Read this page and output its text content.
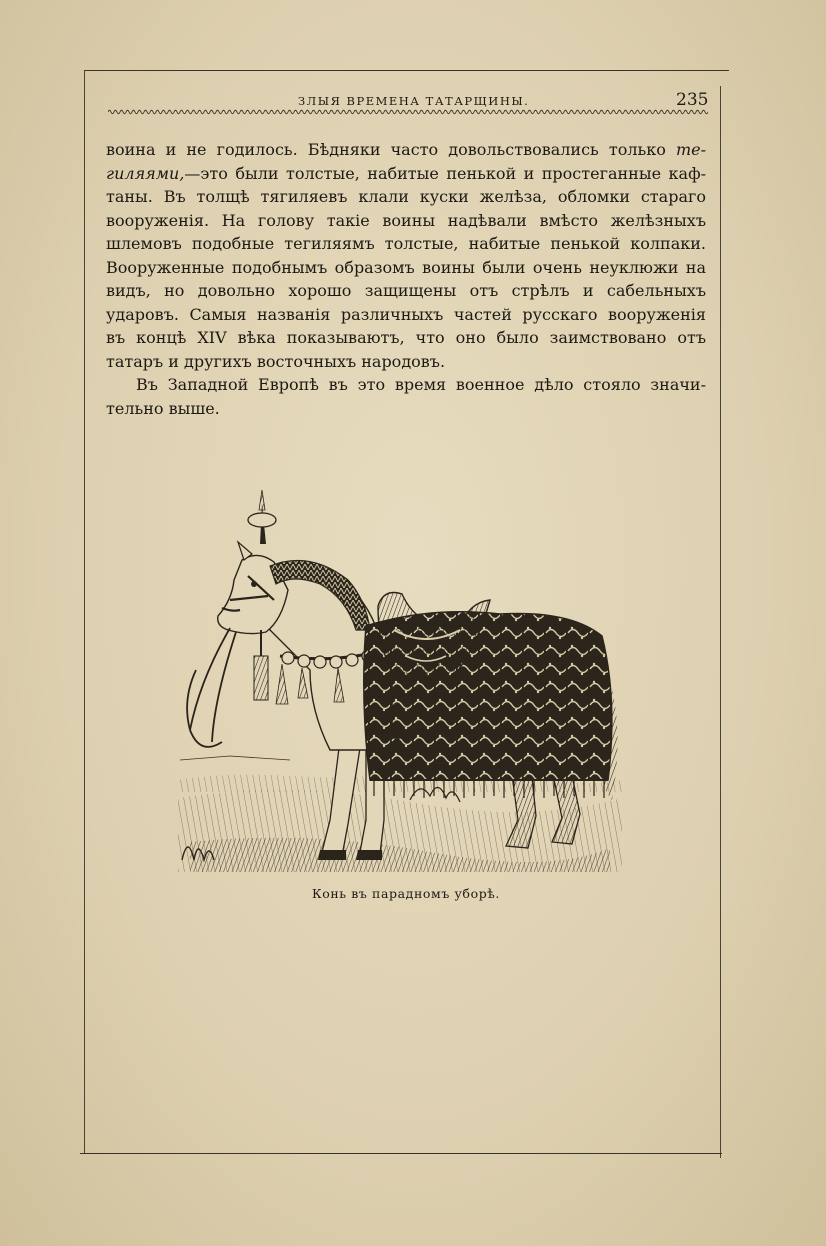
ЗЛЫЯ ВРЕМЕНА ТАТАРЩИНЫ.	235
воина и не годилось. Бѣдняки часто довольствовались только те-
гиляями,—это были толстые, набитые пенькой и простеганные каф-
таны. Въ толщѣ тягиляевъ клали куски желѣза, обломки стараго
вооруженія. На голову такіе воины надѣвали вмѣсто желѣзныхъ
шлемовъ подобные тегиляямъ толстые, набитые пенькой колпаки.
Вооруженные подобнымъ образомъ воины были очень неуклюжи на
видъ, но довольно хорошо защищены отъ стрѣлъ и сабельныхъ
ударовъ. Самыя названія различныхъ частей русскаго вооруженія
въ концѣ XIV вѣка показываютъ, что оно было заимствовано отъ
татаръ и другихъ восточныхъ народовъ.
Въ Западной Европѣ въ это время военное дѣло стояло значи-
тельно выше.
Конь въ парадномъ уборѣ.
